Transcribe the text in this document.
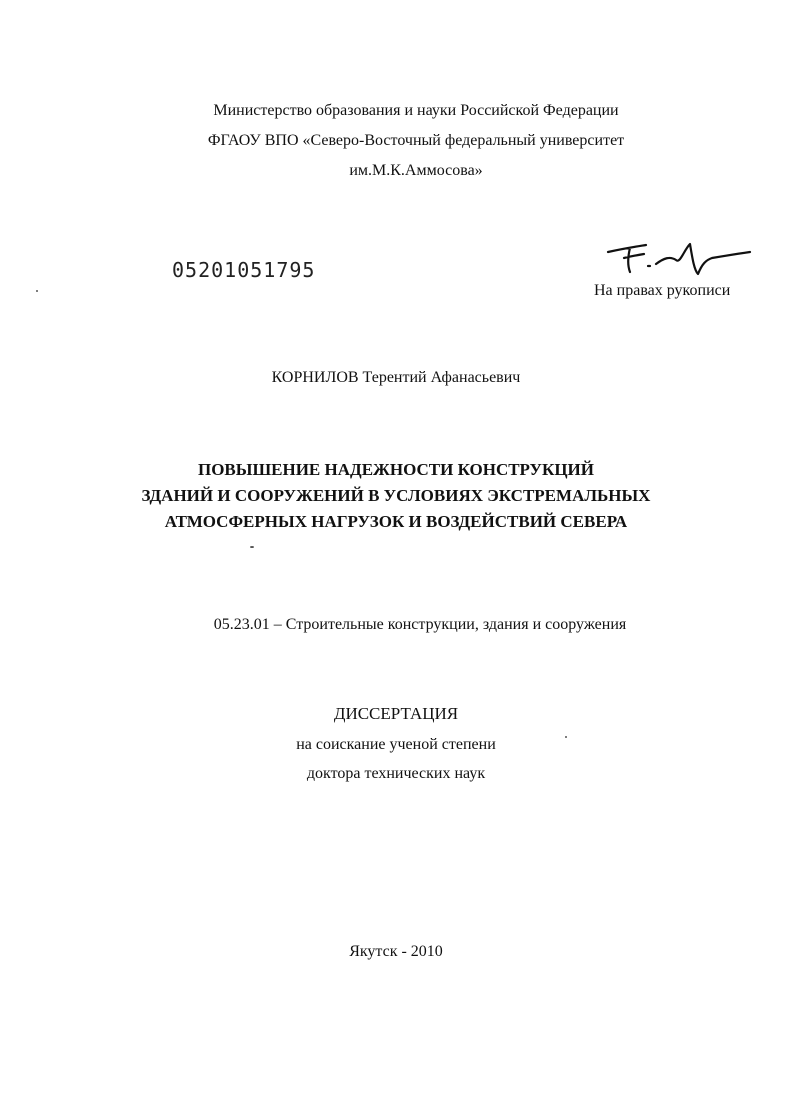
Министерство образования и науки Российской Федерации
ФГАОУ ВПО «Северо-Восточный федеральный университет
им.М.К.Аммосова»
05201051795
На правах рукописи
КОРНИЛОВ Терентий Афанасьевич
ПОВЫШЕНИЕ НАДЕЖНОСТИ КОНСТРУКЦИЙ
ЗДАНИЙ И СООРУЖЕНИЙ В УСЛОВИЯХ ЭКСТРЕМАЛЬНЫХ
АТМОСФЕРНЫХ НАГРУЗОК И ВОЗДЕЙСТВИЙ СЕВЕРА
05.23.01 – Строительные конструкции, здания и сооружения
ДИССЕРТАЦИЯ
на соискание ученой степени
доктора технических наук
Якутск - 2010
